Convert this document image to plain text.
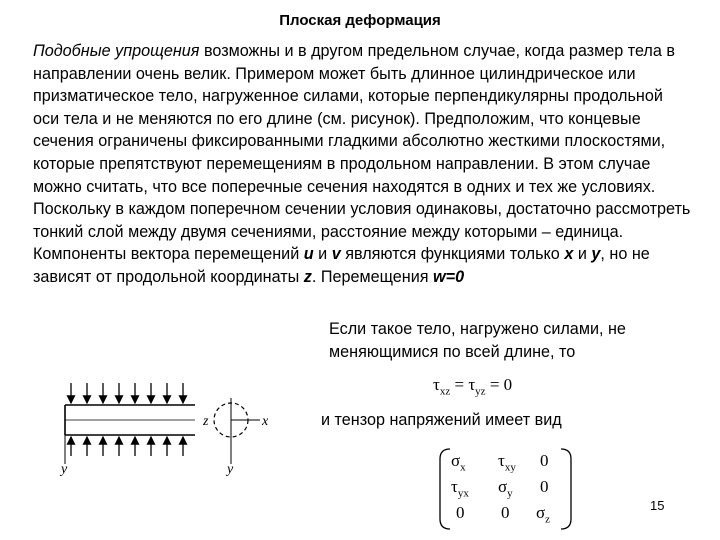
Плоская деформация
Подобные упрощения возможны и в другом предельном случае, когда размер тела в направлении очень велик. Примером может быть длинное цилиндрическое или призматическое тело, нагруженное силами, которые перпендикулярны продольной оси тела и не меняются по его длине (см. рисунок). Предположим, что концевые сечения ограничены фиксированными гладкими абсолютно жесткими плоскостями, которые препятствуют перемещениям в продольном направлении. В этом случае можно считать, что все поперечные сечения находятся в одних и тех же условиях. Поскольку в каждом поперечном сечении условия одинаковы, достаточно рассмотреть тонкий слой между двумя сечениями, расстояние между которыми – единица. Компоненты вектора перемещений u и v являются функциями только x и y, но не зависят от продольной координаты z. Перемещения w=0
Если такое тело, нагружено силами, не меняющимися по всей длине, то
$\tau_{xz} = \tau_{yz} = 0$
и тензор напряжений имеет вид
$\sigma_x$ $\tau_{xy}$ 0
$\tau_{yx}$ $\sigma_y$ 0
0 0 $\sigma_z$
y
z	x
y
15
